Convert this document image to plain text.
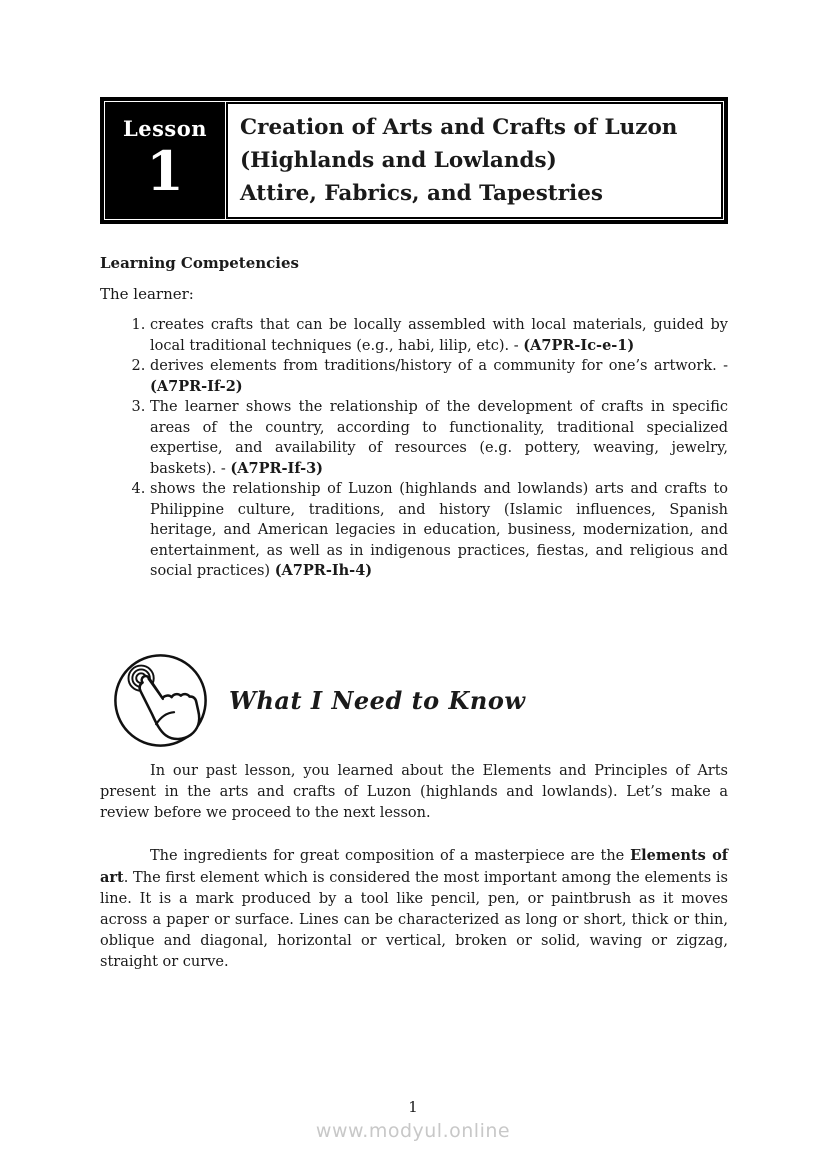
Lesson
1
Creation of Arts and Crafts of Luzon
(Highlands and Lowlands)
Attire, Fabrics, and Tapestries
Learning Competencies
The learner:
1. creates crafts that can be locally assembled with local materials, guided by local traditional techniques (e.g., habi, lilip, etc). - (A7PR-Ic-e-1)
2. derives elements from traditions/history of a community for one’s artwork. - (A7PR-If-2)
3. The learner shows the relationship of the development of crafts in specific areas of the country, according to functionality, traditional specialized expertise, and availability of resources (e.g. pottery, weaving, jewelry, baskets). - (A7PR-If-3)
4. shows the relationship of Luzon (highlands and lowlands) arts and crafts to Philippine culture, traditions, and history (Islamic influences, Spanish heritage, and American legacies in education, business, modernization, and entertainment, as well as in indigenous practices, fiestas, and religious and social practices) (A7PR-Ih-4)
What I Need to Know

In our past lesson, you learned about the Elements and Principles of Arts present in the arts and crafts of Luzon (highlands and lowlands). Let’s make a review before we proceed to the next lesson.

The ingredients for great composition of a masterpiece are the Elements of art. The first element which is considered the most important among the elements is line. It is a mark produced by a tool like pencil, pen, or paintbrush as it moves across a paper or surface. Lines can be characterized as long or short, thick or thin, oblique and diagonal, horizontal or vertical, broken or solid, waving or zigzag, straight or curve.

1
www.modyul.online
